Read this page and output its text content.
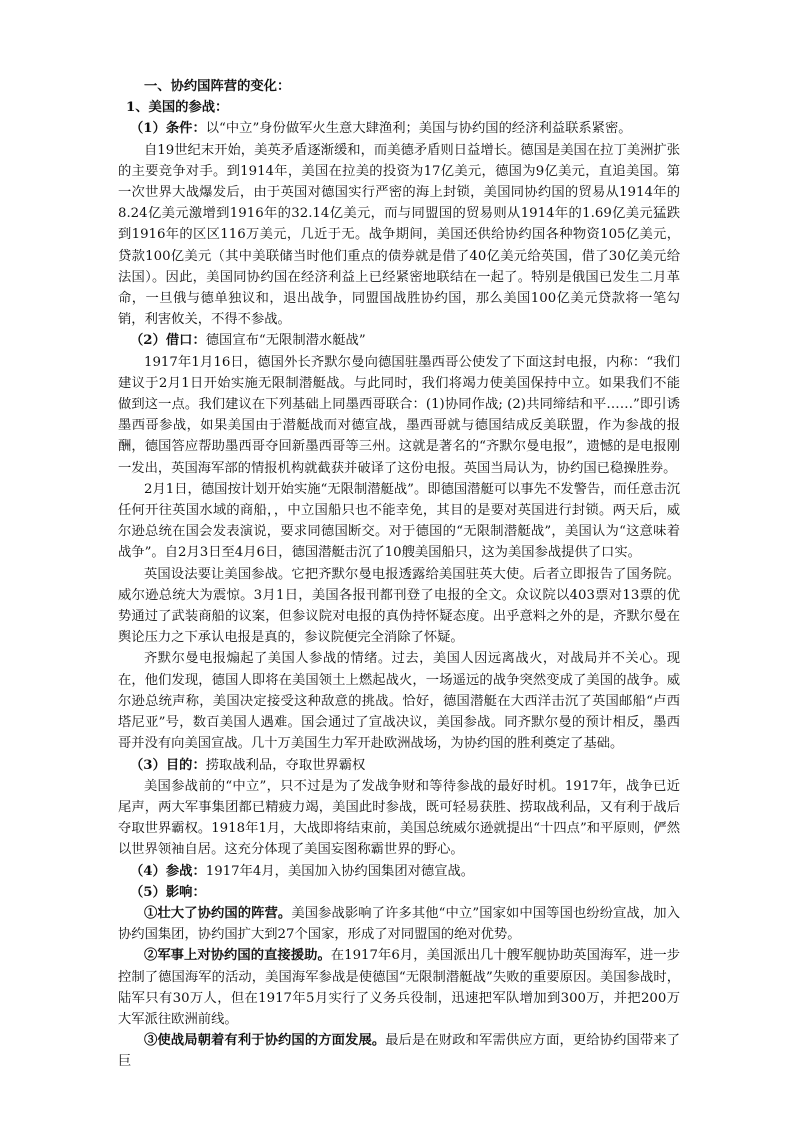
一、协约国阵营的变化：

1、美国的参战：

（1）条件：以“中立”身份做军火生意大肆渔利；美国与协约国的经济利益联系紧密。

自19世纪末开始，美英矛盾逐渐缓和，而美德矛盾则日益增长。德国是美国在拉丁美洲扩张的主要竞争对手。到1914年，美国在拉美的投资为17亿美元，德国为9亿美元，直追美国。第一次世界大战爆发后，由于英国对德国实行严密的海上封锁，美国同协约国的贸易从1914年的8.24亿美元激增到1916年的32.14亿美元，而与同盟国的贸易则从1914年的1.69亿美元猛跌到1916年的区区116万美元，几近于无。战争期间，美国还供给协约国各种物资105亿美元，贷款100亿美元（其中美联储当时他们重点的债券就是借了40亿美元给英国，借了30亿美元给法国）。因此，美国同协约国在经济利益上已经紧密地联结在一起了。特别是俄国已发生二月革命，一旦俄与德单独议和，退出战争，同盟国战胜协约国，那么美国100亿美元贷款将一笔勾销，利害攸关，不得不参战。

（2）借口：德国宣布“无限制潜水艇战”

1917年1月16日，德国外长齐默尔曼向德国驻墨西哥公使发了下面这封电报，内称：“我们建议于2月1日开始实施无限制潜艇战。与此同时，我们将竭力使美国保持中立。如果我们不能做到这一点。我们建议在下列基础上同墨西哥联合：(1)协同作战; (2)共同缔结和平……”即引诱墨西哥参战，如果美国由于潜艇战而对德宣战，墨西哥就与德国结成反美联盟，作为参战的报酬，德国答应帮助墨西哥夺回新墨西哥等三州。这就是著名的“齐默尔曼电报”，遗憾的是电报刚一发出，英国海军部的情报机构就截获并破译了这份电报。英国当局认为，协约国已稳操胜券。

2月1日，德国按计划开始实施“无限制潜艇战”。即德国潜艇可以事先不发警告，而任意击沉任何开往英国水域的商船，，中立国船只也不能幸免，其目的是要对英国进行封锁。两天后，威尔逊总统在国会发表演说，要求同德国断交。对于德国的“无限制潜艇战”，美国认为“这意味着战争”。自2月3日至4月6日，德国潜艇击沉了10艘美国船只，这为美国参战提供了口实。

英国设法要让美国参战。它把齐默尔曼电报透露给美国驻英大使。后者立即报告了国务院。威尔逊总统大为震惊。3月1日，美国各报刊都刊登了电报的全文。众议院以403票对13票的优势通过了武装商船的议案，但参议院对电报的真伪持怀疑态度。出乎意料之外的是，齐默尔曼在舆论压力之下承认电报是真的，参议院便完全消除了怀疑。

齐默尔曼电报煽起了美国人参战的情绪。过去，美国人因远离战火，对战局并不关心。现在，他们发现，德国人即将在美国领土上燃起战火，一场遥远的战争突然变成了美国的战争。威尔逊总统声称，美国决定接受这种敌意的挑战。恰好，德国潜艇在大西洋击沉了英国邮船“卢西塔尼亚”号，数百美国人遇难。国会通过了宣战决议，美国参战。同齐默尔曼的预计相反，墨西哥并没有向美国宣战。几十万美国生力军开赴欧洲战场，为协约国的胜利奠定了基础。

（3）目的：捞取战利品，夺取世界霸权

美国参战前的“中立”，只不过是为了发战争财和等待参战的最好时机。1917年，战争已近尾声，两大军事集团都已精疲力竭，美国此时参战，既可轻易获胜、捞取战利品，又有利于战后夺取世界霸权。1918年1月，大战即将结束前，美国总统威尔逊就提出“十四点”和平原则，俨然以世界领袖自居。这充分体现了美国妄图称霸世界的野心。

（4）参战：1917年4月，美国加入协约国集团对德宣战。

（5）影响：

①壮大了协约国的阵营。美国参战影响了许多其他“中立”国家如中国等国也纷纷宣战，加入协约国集团，协约国扩大到27个国家，形成了对同盟国的绝对优势。

②军事上对协约国的直接援助。在1917年6月，美国派出几十艘军舰协助英国海军，进一步控制了德国海军的活动，美国海军参战是使德国“无限制潜艇战”失败的重要原因。美国参战时，陆军只有30万人，但在1917年5月实行了义务兵役制，迅速把军队增加到300万，并把200万大军派往欧洲前线。

③使战局朝着有利于协约国的方面发展。最后是在财政和军需供应方面，更给协约国带来了巨
